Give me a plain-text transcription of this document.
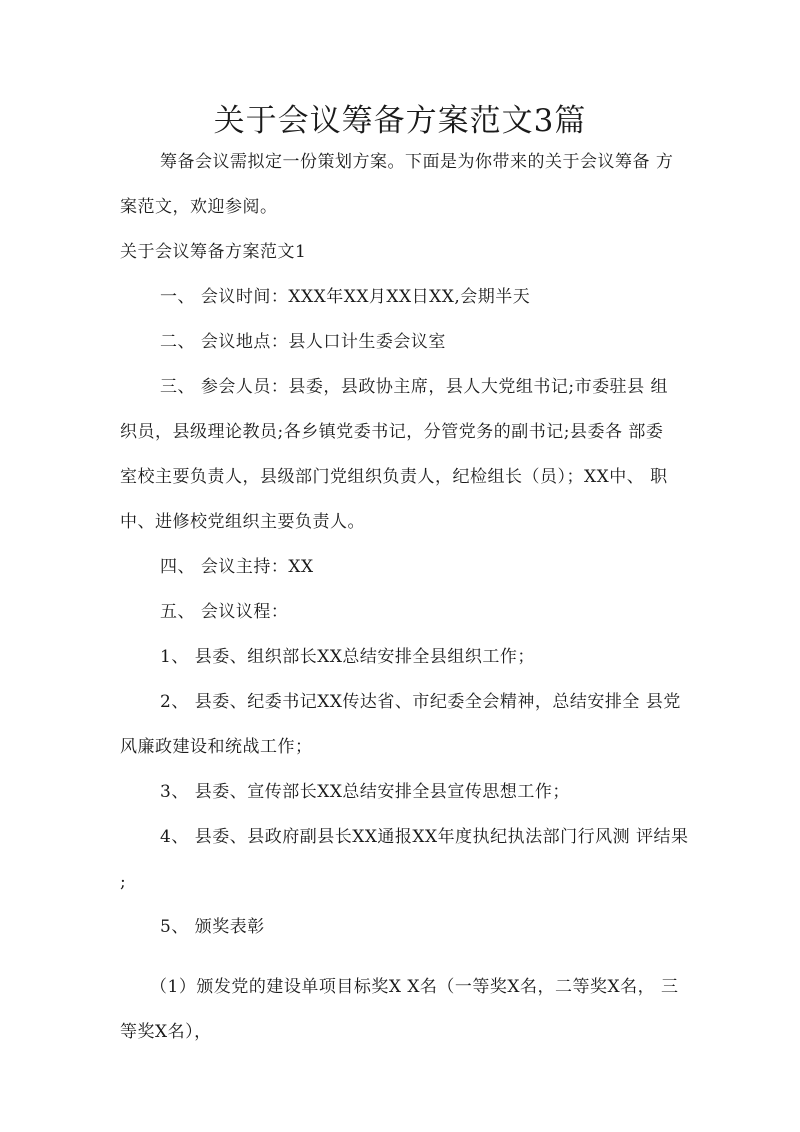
关于会议筹备方案范文3篇
筹备会议需拟定一份策划方案。下面是为你带来的关于会议筹备 方
案范文，欢迎参阅。
关于会议筹备方案范文1
一、 会议时间：XXX年XX月XX日XX,会期半天
二、 会议地点：县人口计生委会议室
三、 参会人员：县委，县政协主席，县人大党组书记;市委驻县 组
织员，县级理论教员;各乡镇党委书记，分管党务的副书记;县委各 部委
室校主要负责人，县级部门党组织负责人，纪检组长（员）；XX中、 职
中、进修校党组织主要负责人。
四、 会议主持：XX
五、 会议议程：
1、 县委、组织部长XX总结安排全县组织工作；
2、 县委、纪委书记XX传达省、市纪委全会精神，总结安排全 县党
风廉政建设和统战工作；
3、 县委、宣传部长XX总结安排全县宣传思想工作；
4、 县委、县政府副县长XX通报XX年度执纪执法部门行风测 评结果
;
5、 颁奖表彰
（1）颁发党的建设单项目标奖X X名（一等奖X名，二等奖X名， 三
等奖X名），
